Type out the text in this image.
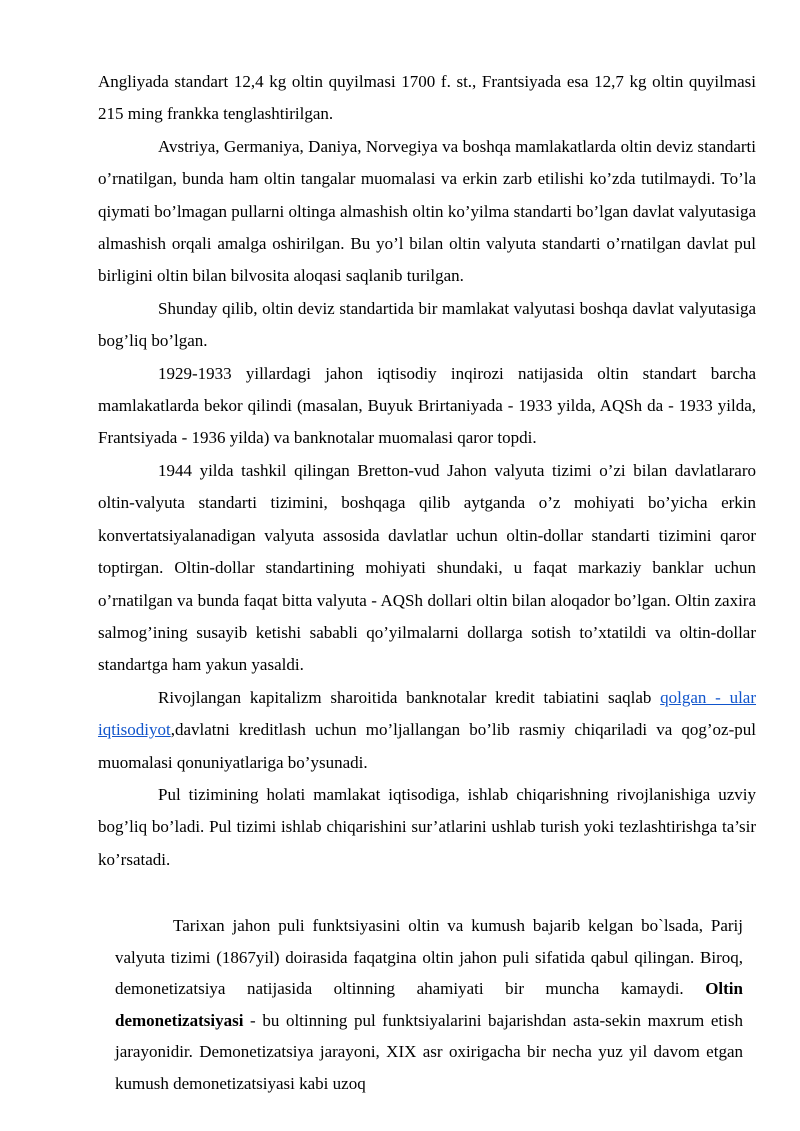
Angliyada standart 12,4 kg oltin quyilmasi 1700 f. st., Frantsiyada esa 12,7 kg oltin quyilmasi 215 ming frankka tenglashtirilgan.

Avstriya, Germaniya, Daniya, Norvegiya va boshqa mamlakatlarda oltin deviz standarti o’rnatilgan, bunda ham oltin tangalar muomalasi va erkin zarb etilishi ko’zda tutilmaydi. To’la qiymati bo’lmagan pullarni oltinga almashish oltin ko’yilma standarti bo’lgan davlat valyutasiga almashish orqali amalga oshirilgan. Bu yo’l bilan oltin valyuta standarti o’rnatilgan davlat pul birligini oltin bilan bilvosita aloqasi saqlanib turilgan.

Shunday qilib, oltin deviz standartida bir mamlakat valyutasi boshqa davlat valyutasiga bog’liq bo’lgan.

1929-1933 yillardagi jahon iqtisodiy inqirozi natijasida oltin standart barcha mamlakatlarda bekor qilindi (masalan, Buyuk Brirtaniyada - 1933 yilda, AQSh da - 1933 yilda, Frantsiyada - 1936 yilda) va banknotalar muomalasi qaror topdi.

1944 yilda tashkil qilingan Bretton-vud Jahon valyuta tizimi o’zi bilan davlatlararo oltin-valyuta standarti tizimini, boshqaga qilib aytganda o’z mohiyati bo’yicha erkin konvertatsiyalanadigan valyuta assosida davlatlar uchun oltin-dollar standarti tizimini qaror toptirgan. Oltin-dollar standartining mohiyati shundaki, u faqat markaziy banklar uchun o’rnatilgan va bunda faqat bitta valyuta - AQSh dollari oltin bilan aloqador bo’lgan. Oltin zaxira salmog’ining susayib ketishi sababli qo’yilmalarni dollarga sotish to’xtatildi va oltin-dollar standartga ham yakun yasaldi.

Rivojlangan kapitalizm sharoitida banknotalar kredit tabiatini saqlab qolgan - ular iqtisodiyot,davlatni kreditlash uchun mo’ljallangan bo’lib rasmiy chiqariladi va qog’oz-pul muomalasi qonuniyatlariga bo’ysunadi.

Pul tizimining holati mamlakat iqtisodiga, ishlab chiqarishning rivojlanishiga uzviy bog’liq bo’ladi. Pul tizimi ishlab chiqarishini sur’atlarini ushlab turish yoki tezlashtirishga ta’sir ko’rsatadi.

Tarixan jahon puli funktsiyasini oltin va kumush bajarib kelgan bo`lsada, Parij valyuta tizimi (1867yil) doirasida faqatgina oltin jahon puli sifatida qabul qilingan. Biroq, demonetizatsiya natijasida oltinning ahamiyati bir muncha kamaydi. Oltin demonetizatsiyasi - bu oltinning pul funktsiyalarini bajarishdan asta-sekin maxrum etish jarayonidir. Demonetizatsiya jarayoni, XIX asr oxirigacha bir necha yuz yil davom etgan kumush demonetizatsiyasi kabi uzoq
